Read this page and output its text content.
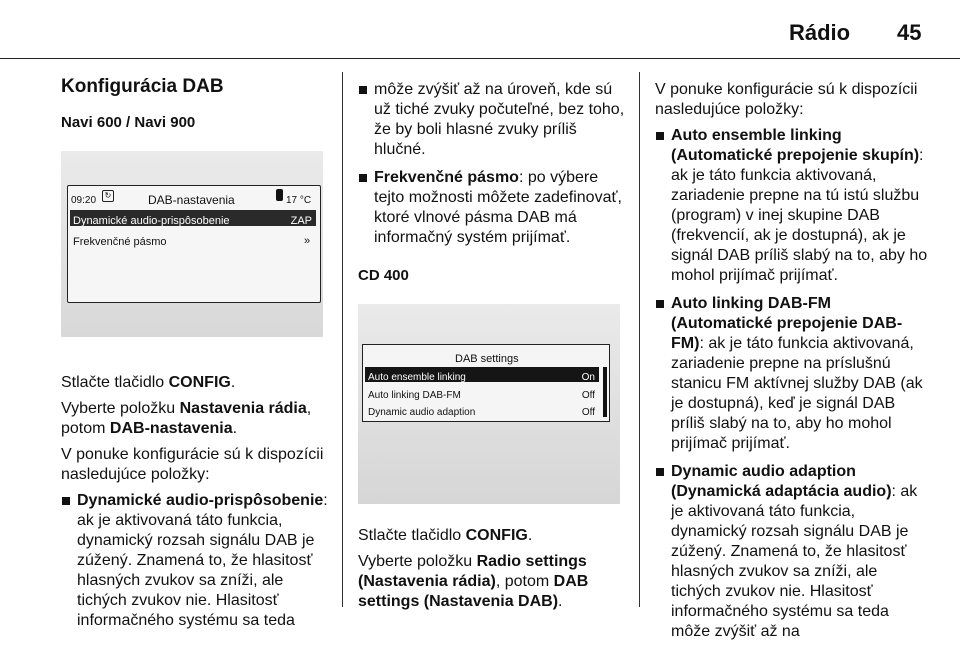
Rádio 45
Konfigurácia DAB
Navi 600 / Navi 900
09:20	↻	DAB-nastavenia	17 °C
Dynamické audio-prispôsobenie	ZAP
Frekvenčné pásmo	»

Stlačte tlačidlo CONFIG.

Vyberte položku Nastavenia rádia, potom DAB-nastavenia.

V ponuke konfigurácie sú k dispozícii nasledujúce položky:

Dynamické audio-prispôsobenie: ak je aktivovaná táto funkcia, dynamický rozsah signálu DAB je zúžený. Znamená to, že hlasitosť hlasných zvukov sa zníži, ale tichých zvukov nie. Hlasitosť informačného systému sa teda
môže zvýšiť až na úroveň, kde sú už tiché zvuky počuteľné, bez toho, že by boli hlasné zvuky príliš hlučné.
Frekvenčné pásmo: po výbere tejto možnosti môžete zadefinovať, ktoré vlnové pásma DAB má informačný systém prijímať.
CD 400
DAB settings
Auto ensemble linking	On
Auto linking DAB-FM	Off
Dynamic audio adaption	Off

Stlačte tlačidlo CONFIG.

Vyberte položku Radio settings (Nastavenia rádia), potom DAB settings (Nastavenia DAB).

V ponuke konfigurácie sú k dispozícii nasledujúce položky:

Auto ensemble linking (Automatické prepojenie skupín): ak je táto funkcia aktivovaná, zariadenie prepne na tú istú službu (program) v inej skupine DAB (frekvencií, ak je dostupná), ak je signál DAB príliš slabý na to, aby ho mohol prijímač prijímať.
Auto linking DAB-FM (Automatické prepojenie DAB-FM): ak je táto funkcia aktivovaná, zariadenie prepne na príslušnú stanicu FM aktívnej služby DAB (ak je dostupná), keď je signál DAB príliš slabý na to, aby ho mohol prijímač prijímať.
Dynamic audio adaption (Dynamická adaptácia audio): ak je aktivovaná táto funkcia, dynamický rozsah signálu DAB je zúžený. Znamená to, že hlasitosť hlasných zvukov sa zníži, ale tichých zvukov nie. Hlasitosť informačného systému sa teda môže zvýšiť až na
